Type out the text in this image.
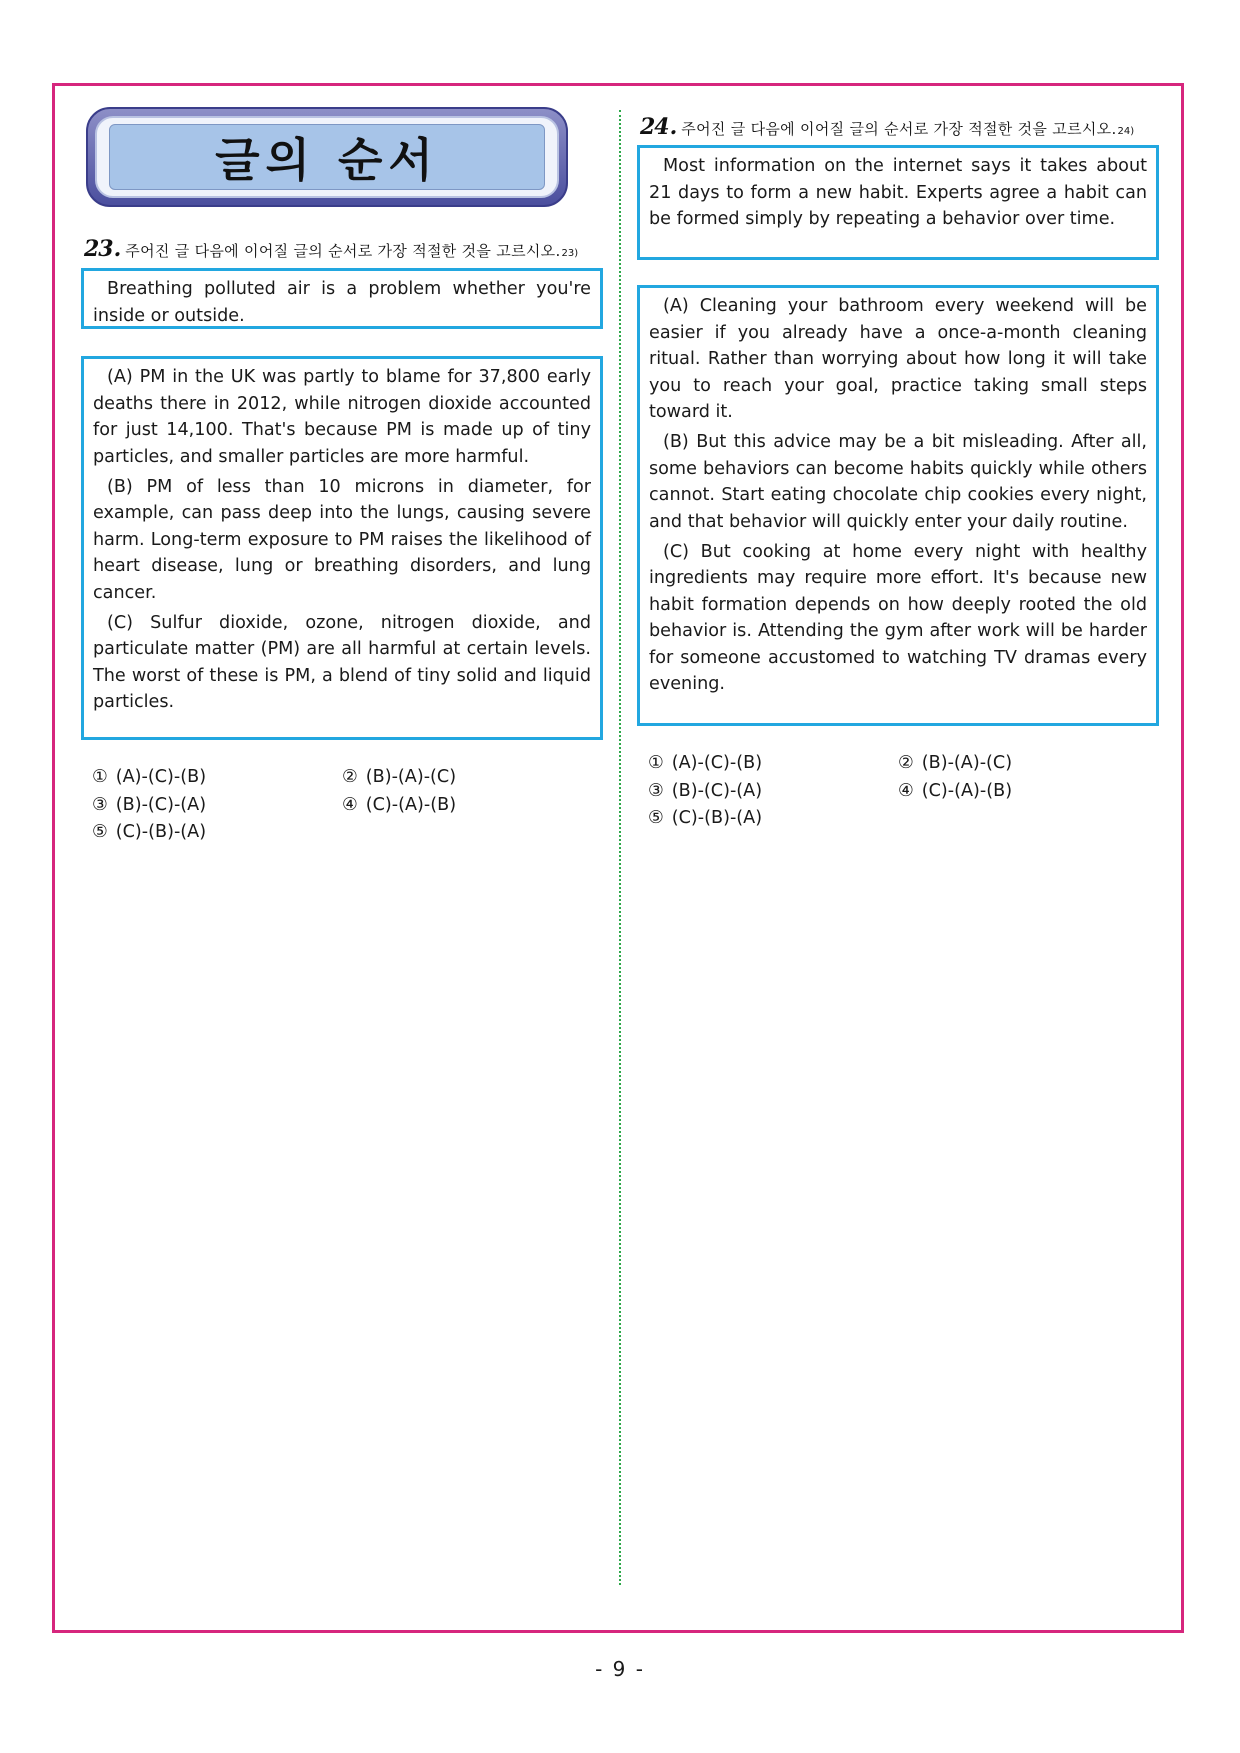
글의 순서
23. 주어진 글 다음에 이어질 글의 순서로 가장 적절한 것을 고르시오. 23)

Breathing polluted air is a problem whether you're inside or outside.

(A) PM in the UK was partly to blame for 37,800 early deaths there in 2012, while nitrogen dioxide accounted for just 14,100. That's because PM is made up of tiny particles, and smaller particles are more harmful.

(B) PM of less than 10 microns in diameter, for example, can pass deep into the lungs, causing severe harm. Long-term exposure to PM raises the likelihood of heart disease, lung or breathing disorders, and lung cancer.

(C) Sulfur dioxide, ozone, nitrogen dioxide, and particulate matter (PM) are all harmful at certain levels. The worst of these is PM, a blend of tiny solid and liquid particles.

① (A)-(C)-(B)	② (B)-(A)-(C)
③ (B)-(C)-(A)	④ (C)-(A)-(B)
⑤ (C)-(B)-(A)
24. 주어진 글 다음에 이어질 글의 순서로 가장 적절한 것을 고르시오. 24)

Most information on the internet says it takes about 21 days to form a new habit. Experts agree a habit can be formed simply by repeating a behavior over time.

(A) Cleaning your bathroom every weekend will be easier if you already have a once-a-month cleaning ritual. Rather than worrying about how long it will take you to reach your goal, practice taking small steps toward it.

(B) But this advice may be a bit misleading. After all, some behaviors can become habits quickly while others cannot. Start eating chocolate chip cookies every night, and that behavior will quickly enter your daily routine.

(C) But cooking at home every night with healthy ingredients may require more effort. It's because new habit formation depends on how deeply rooted the old behavior is. Attending the gym after work will be harder for someone accustomed to watching TV dramas every evening.

① (A)-(C)-(B)	② (B)-(A)-(C)
③ (B)-(C)-(A)	④ (C)-(A)-(B)
⑤ (C)-(B)-(A)
- 9 -
